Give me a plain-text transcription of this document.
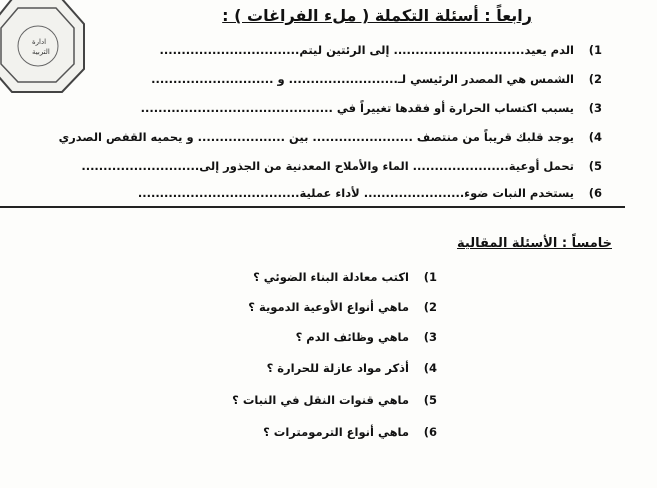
ادارة
التربية
رابعاً : أسئلة التكملة ( ملء الفراغات ) :
1)
الدم يعيد.............................. إلى الرئتين ليتم................................
2)
الشمس هي المصدر الرئيسي لـ......................... و ............................
3)
يسبب اكتساب الحرارة أو فقدها تغييراً في ............................................
4)
يوجد قلبك قريباً من منتصف ....................... بين .................... و يحميه القفص الصدري
5)
تحمل أوعية...................... الماء والأملاح المعدنية من الجذور إلى...........................
6)
يستخدم النبات ضوء....................... لأداء عملية.....................................
خامساً : الأسئلة المقالية
1)
اكتب معادلة البناء الضوئي ؟
2)
ماهي أنواع الأوعية الدموية ؟
3)
ماهي وظائف الدم ؟
4)
أذكر مواد عازلة للحرارة ؟
5)
ماهي قنوات النقل في النبات ؟
6)
ماهي أنواع الترمومترات ؟
